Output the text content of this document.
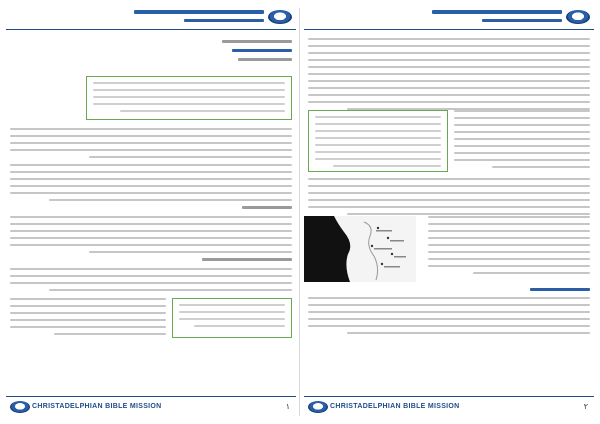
CHRISTADELPHIAN BIBLE MISSION	۱	CHRISTADELPHIAN BIBLE MISSION	۲
